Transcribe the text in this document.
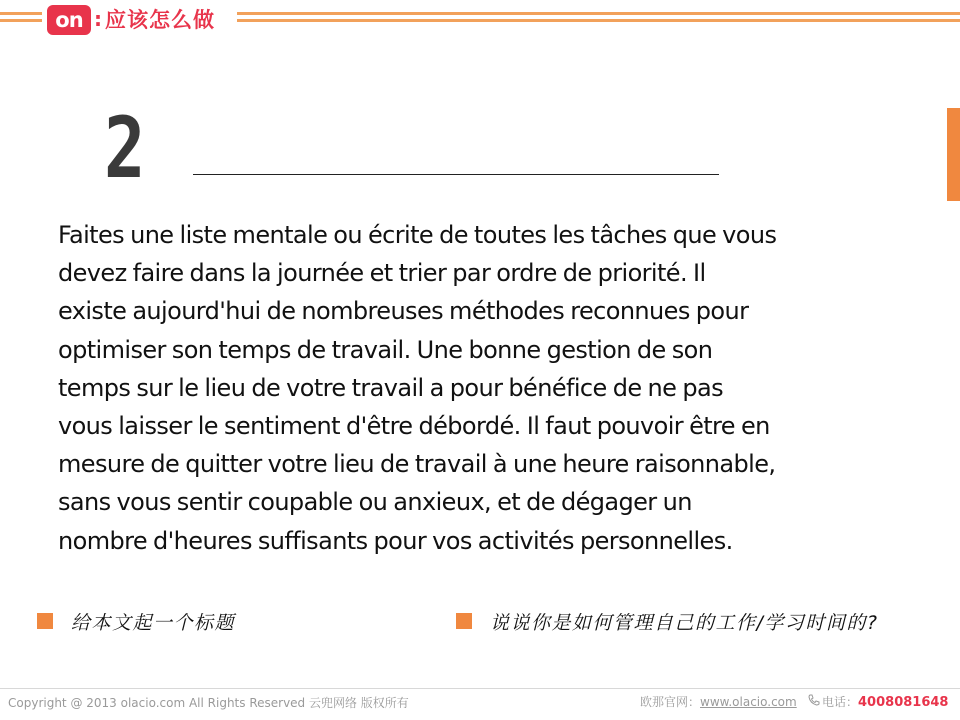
on : 应该怎么做
2

Faites une liste mentale ou écrite de toutes les tâches que vous
devez faire dans la journée et trier par ordre de priorité. Il
existe aujourd'hui de nombreuses méthodes reconnues pour
optimiser son temps de travail. Une bonne gestion de son
temps sur le lieu de votre travail a pour bénéfice de ne pas
vous laisser le sentiment d'être débordé. Il faut pouvoir être en
mesure de quitter votre lieu de travail à une heure raisonnable,
sans vous sentir coupable ou anxieux, et de dégager un
nombre d'heures suffisants pour vos activités personnelles.

给本文起一个标题	说说你是如何管理自己的工作/学习时间的?
Copyright @ 2013 olacio.com All Rights Reserved 云兜网络 版权所有	欧那官网：www.olacio.com	电话：4008081648
